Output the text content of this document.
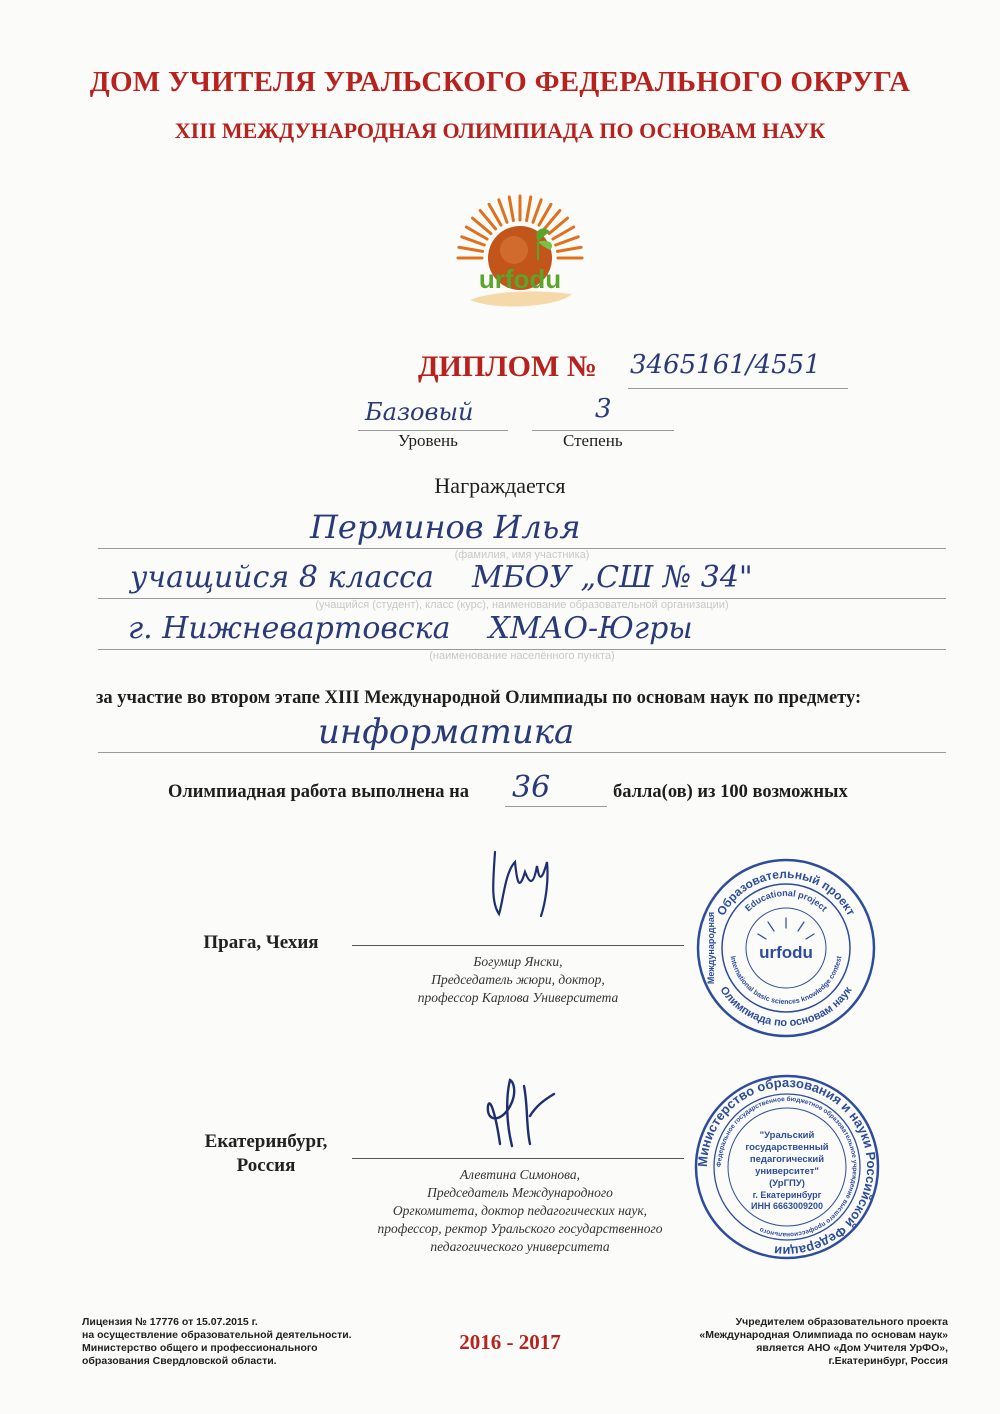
ДОМ УЧИТЕЛЯ УРАЛЬСКОГО ФЕДЕРАЛЬНОГО ОКРУГА
XIII МЕЖДУНАРОДНАЯ ОЛИМПИАДА ПО ОСНОВАМ НАУК
urfodu
ДИПЛОМ № 3465161/4551
Базовый
Уровень
3
Степень
Награждается
Перминов Илья
(фамилия, имя участника)
учащийся 8 класса    МБОУ „СШ № 34"
(учащийся (студент), класс (курс), наименование образовательной организации)
г. Нижневартовска    ХМАО-Югры
(наименование населённого пункта)
за участие во втором этапе XIII Международной Олимпиады по основам наук по предмету:
информатика
Олимпиадная работа выполнена на 36	балла(ов) из 100 возможных
Прага, Чехия
Богумир Янски,
Председатель жюри, доктор,
профессор Карлова Университета
Образовательный проект
Олимпиада по основам наук
Educational project
International basic sciences knowledge contest
Международная	urfodu
Екатеринбург,
Россия	Алевтина Симонова,
Председатель Международного
Оргкомитета, доктор педагогических наук,
профессор, ректор Уральского государственного
педагогического университета
Министерство образования и науки Российской Федерации
Федеральное государственное бюджетное образовательное учреждение высшего профессионального
"Уральский
государственный
педагогический
университет"
(УрГПУ)
г. Екатеринбург
ИНН 6663009200
Лицензия № 17776 от 15.07.2015 г.
на осуществление образовательной деятельности.
Министерство общего и профессионального
образования Свердловской области.
2016 - 2017
Учредителем образовательного проекта
«Международная Олимпиада по основам наук»
является АНО «Дом Учителя УрФО»,
г.Екатеринбург, Россия
